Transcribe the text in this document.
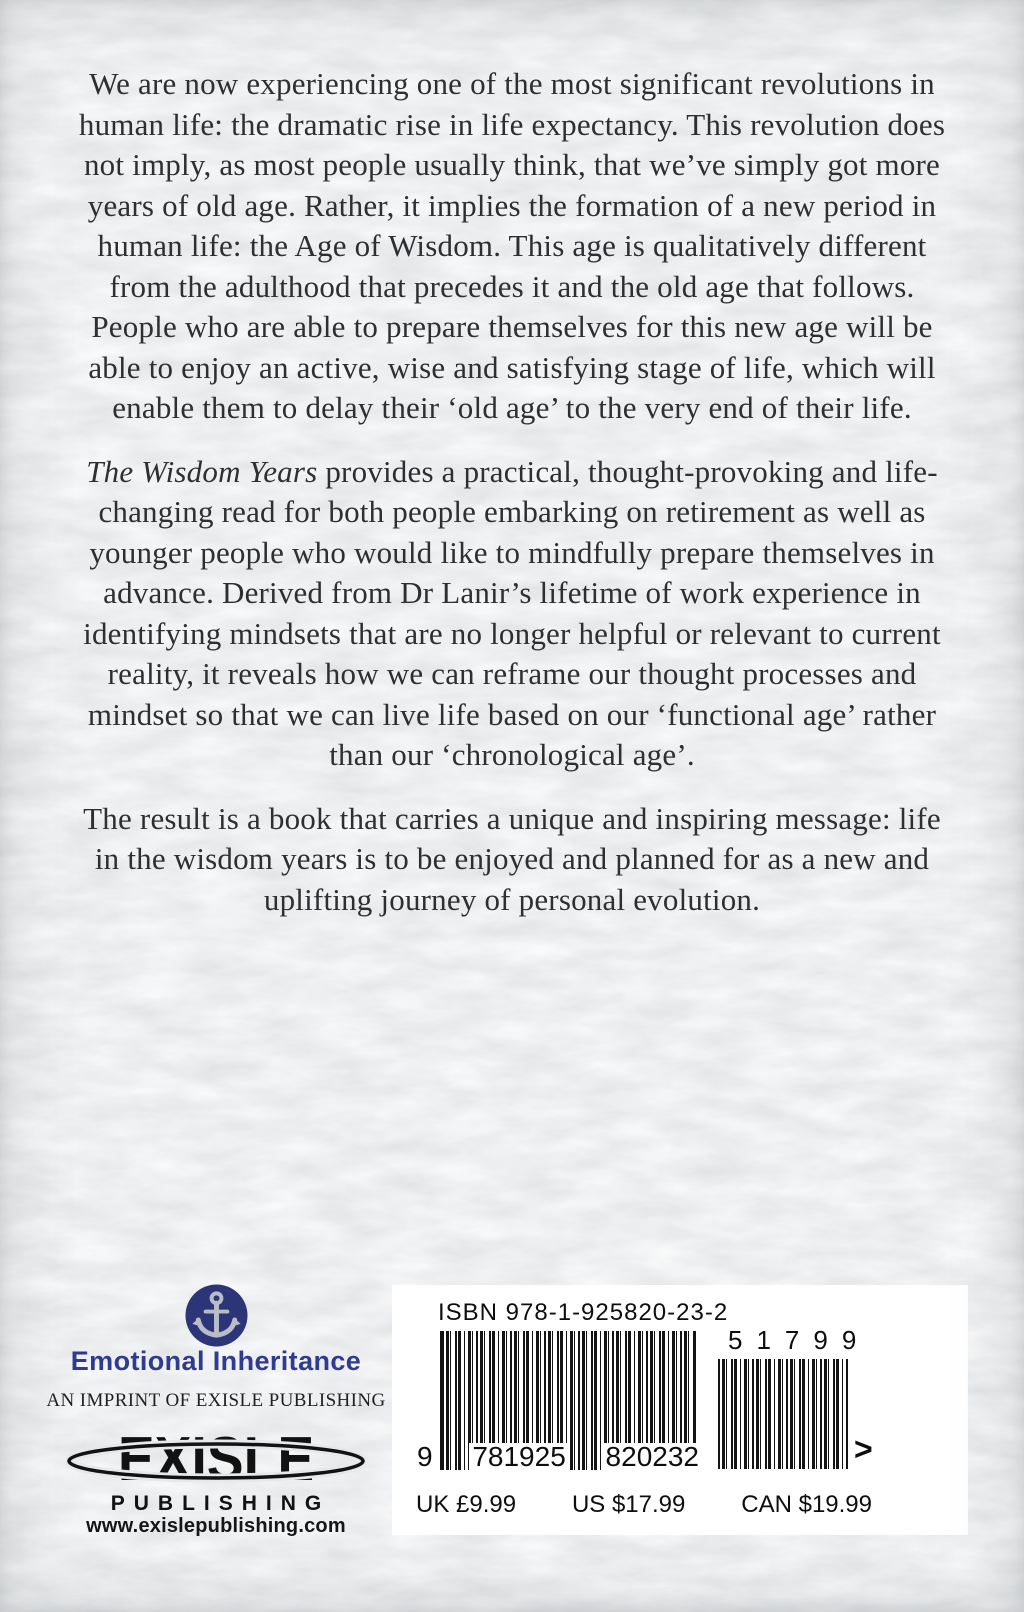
We are now experiencing one of the most significant revolutions in human life: the dramatic rise in life expectancy. This revolution does not imply, as most people usually think, that we’ve simply got more years of old age. Rather, it implies the formation of a new period in human life: the Age of Wisdom. This age is qualitatively different from the adulthood that precedes it and the old age that follows. People who are able to prepare themselves for this new age will be able to enjoy an active, wise and satisfying stage of life, which will enable them to delay their ‘old age’ to the very end of their life.

The Wisdom Years provides a practical, thought-provoking and life-changing read for both people embarking on retirement as well as younger people who would like to mindfully prepare themselves in advance. Derived from Dr Lanir’s lifetime of work experience in identifying mindsets that are no longer helpful or relevant to current reality, it reveals how we can reframe our thought processes and mindset so that we can live life based on our ‘functional age’ rather than our ‘chronological age’.

The result is a book that carries a unique and inspiring message: life in the wisdom years is to be enjoyed and planned for as a new and uplifting journey of personal evolution.

Emotional Inheritance
AN IMPRINT OF EXISLE PUBLISHING
EXISLE
PUBLISHING
www.exislepublishing.com
ISBN 978-1-925820-23-2
9 781925 820232
51799
>
UK £9.99 US $17.99 CAN $19.99
